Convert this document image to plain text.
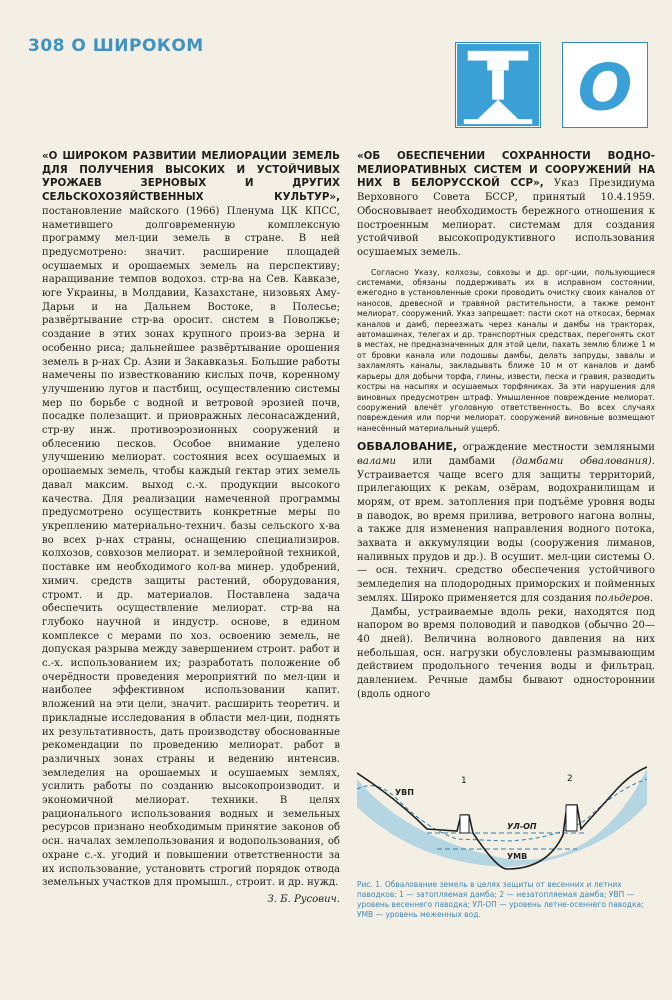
308 О ШИРОКОМ
О

«О ШИРОКОМ РАЗВИТИИ МЕЛИОРАЦИИ ЗЕМЕЛЬ ДЛЯ ПОЛУЧЕНИЯ ВЫСОКИХ И УСТОЙЧИВЫХ УРОЖАЕВ ЗЕРНОВЫХ И ДРУГИХ СЕЛЬСКОХОЗЯЙСТВЕННЫХ КУЛЬТУР», постановление майского (1966) Пленума ЦК КПСС, наметившего долговременную комплексную программу мел-ции земель в стране. В ней предусмотрено: значит. расширение площадей осушаемых и орошаемых земель на перспективу; наращивание темпов водохоз. стр-ва на Сев. Кавказе, юге Украины, в Молдавии, Казахстане, низовьях Аму-Дарьи и на Дальнем Востоке, в Полесье; развёртывание стр-ва оросит. систем в Поволжье; создание в этих зонах крупного произ-ва зерна и особенно риса; дальнейшее развёртывание орошения земель в р-нах Ср. Азии и Закавказья. Большие работы намечены по известкованию кислых почв, коренному улучшению лугов и пастбищ, осуществлению системы мер по борьбе с водной и ветровой эрозией почв, посадке полезащит. и приовражных лесонасаждений, стр-ву инж. противоэрозионных сооружений и облесению песков. Особое внимание уделено улучшению мелиорат. состояния всех осушаемых и орошаемых земель, чтобы каждый гектар этих земель давал максим. выход с.-х. продукции высокого качества. Для реализации намеченной программы предусмотрено осуществить конкретные меры по укреплению материально-технич. базы сельского х-ва во всех р-нах страны, оснащению специализиров. колхозов, совхозов мелиорат. и землеройной техникой, поставке им необходимого кол-ва минер. удобрений, химич. средств защиты растений, оборудования, стромт. и др. материалов. Поставлена задача обеспечить осуществление мелиорат. стр-ва на глубоко научной и индустр. основе, в едином комплексе с мерами по хоз. освоению земель, не допуская разрыва между завершением строит. работ и с.-х. использованием их; разработать положение об очерёдности проведения мероприятий по мел-ции и наиболее эффективном использовании капит. вложений на эти цели, значит. расширить теоретич. и прикладные исследования в области мел-ции, поднять их результативность, дать производству обоснованные рекомендации по проведению мелиорат. работ в различных зонах страны и ведению интенсив. земледелия на орошаемых и осушаемых землях, усилить работы по созданию высокопроизводит. и экономичной мелиорат. техники. В целях рационального использования водных и земельных ресурсов признано необходимым принятие законов об осн. началах землепользования и водопользования, об охране с.-х. угодий и повышении ответственности за их использование, установить строгий порядок отвода земельных участков для промышл., строит. и др. нужд.

З. Б. Русович.

«ОБ ОБЕСПЕЧЕНИИ СОХРАННОСТИ ВОДНО-МЕЛИОРАТИВНЫХ СИСТЕМ И СООРУЖЕНИЙ НА НИХ В БЕЛОРУССКОЙ ССР», Указ Президиума Верховного Совета БССР, принятый 10.4.1959. Обосновывает необходимость бережного отношения к построенным мелиорат. системам для создания устойчивой высокопродуктивного использования осушаемых земель.

Согласно Указу, колхозы, совхозы и др. орг-ции, пользующиеся системами, обязаны поддерживать их в исправном состоянии, ежегодно в установленные сроки проводить очистку своих каналов от наносов, древесной и травяной растительности, а также ремонт мелиорат. сооружений. Указ запрещает: пасти скот на откосах, бермах каналов и дамб, переезжать через каналы и дамбы на тракторах, автомашинах, телегах и др. транспортных средствах, перегонять скот в местах, не предназначенных для этой цели, пахать землю ближе 1 м от бровки канала или подошвы дамбы, делать запруды, завалы и захламлять каналы, закладывать ближе 10 м от каналов и дамб карьеры для добычи торфа, глины, извести, песка и гравия, разводить костры на насыпях и осушаемых торфяниках. За эти нарушения для виновных предусмотрен штраф. Умышленное повреждение мелиорат. сооружений влечёт уголовную ответственность. Во всех случаях повреждения или порчи мелиорат. сооружений виновные возмещают нанесённый материальный ущерб.

ОБВАЛОВАНИЕ, ограждение местности земляными валами или дамбами (дамбами обвалования). Устраивается чаще всего для защиты территорий, прилегающих к рекам, озёрам, водохранилищам и морям, от врем. затопления при подъёме уровня воды в паводок, во время прилива, ветрового нагона волны, а также для изменения направления водного потока, захвата и аккумуляции воды (сооружения лиманов, наливных прудов и др.). В осушит. мел-ции системы О.— осн. технич. средство обеспечения устойчивого земледелия на плодородных приморских и пойменных землях. Широко применяется для создания польдеров.

Дамбы, устраиваемые вдоль реки, находятся под напором во время половодий и паводков (обычно 20—40 дней). Величина волнового давления на них небольшая, осн. нагрузки обусловлены размывающим действием продольного течения воды и фильтрац. давлением. Речные дамбы бывают одностороннии (вдоль одного

1	2
УВП
УЛ-ОП
УМВ
Рис. 1. Обвалование земель в целях защиты от весенних и летних паводков: 1 — затопляемая дамба; 2 — незатопляемая дамба; УВП — уровень весеннего паводка; УЛ-ОП — уровень летне-осеннего паводка; УМВ — уровень меженных вод.
